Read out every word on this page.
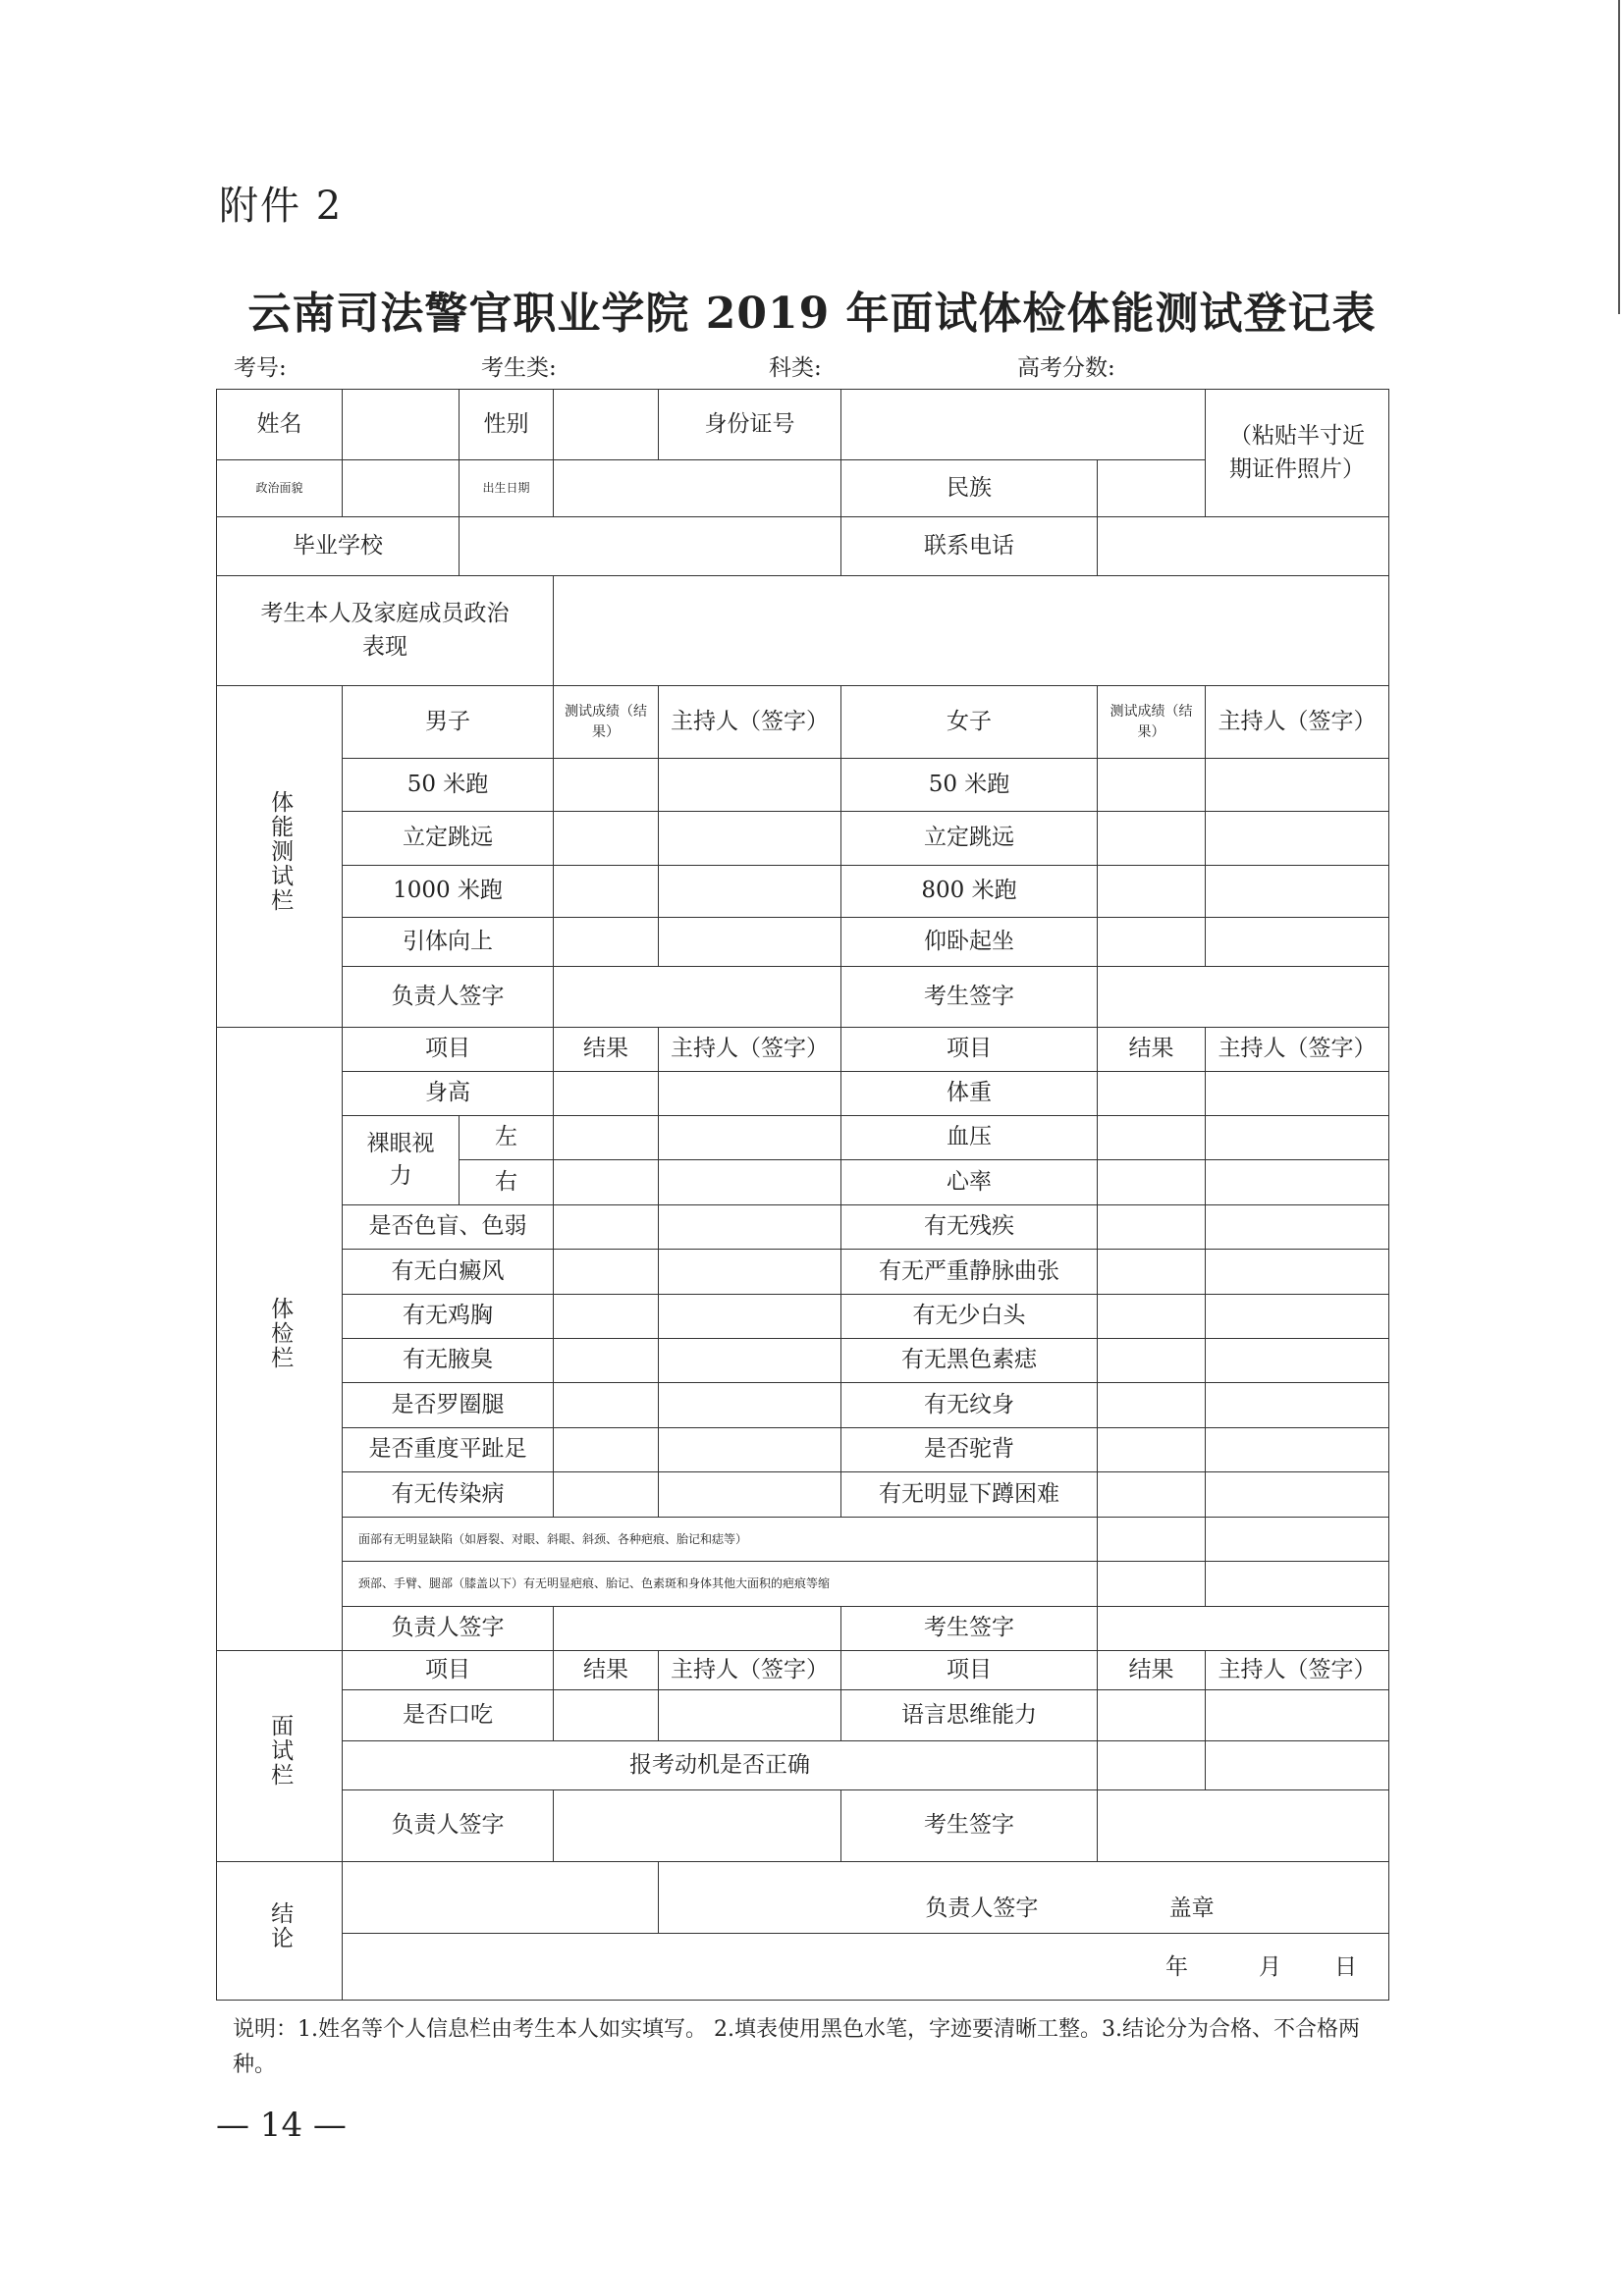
附件 2
云南司法警官职业学院 2019 年面试体检体能测试登记表
考号:	考生类:	科类:	高考分数:
姓名		性别		身份证号			（粘贴半寸近期证件照片）
政治面貌		出生日期			民族		
毕业学校					联系电话		
考生本人及家庭成员政治表现							
体能测试栏	男子		测试成绩（结果）	主持人（签字）	女子	测试成绩（结果）	主持人（签字）
	50 米跑				50 米跑		
	立定跳远				立定跳远		
	1000 米跑				800 米跑		
	引体向上				仰卧起坐		
	负责人签字				考生签字		
体检栏	项目		结果	主持人（签字）	项目	结果	主持人（签字）
	身高				体重		
	裸眼视力	左			血压		
		右			心率		
	是否色盲、色弱				有无残疾		
	有无白癜风				有无严重静脉曲张		
	有无鸡胸				有无少白头		
	有无腋臭				有无黑色素痣		
	是否罗圈腿				有无纹身		
	是否重度平趾足				是否驼背		
	有无传染病				有无明显下蹲困难		
	面部有无明显缺陷（如唇裂、对眼、斜眼、斜颈、各种疤痕、胎记和痣等）						
	颈部、手臂、腿部（膝盖以下）有无明显疤痕、胎记、色素斑和身体其他大面积的疤痕等缩						
	负责人签字				考生签字		
面试栏	项目		结果	主持人（签字）	项目	结果	主持人（签字）
	是否口吃				语言思维能力		
	报考动机是否正确						
	负责人签字				考生签字		
结论				负责人签字 盖章			

	年 月 日						
说明：1.姓名等个人信息栏由考生本人如实填写。 2.填表使用黑色水笔，字迹要清晰工整。3.结论分为合格、不合格两种。
— 14 —
